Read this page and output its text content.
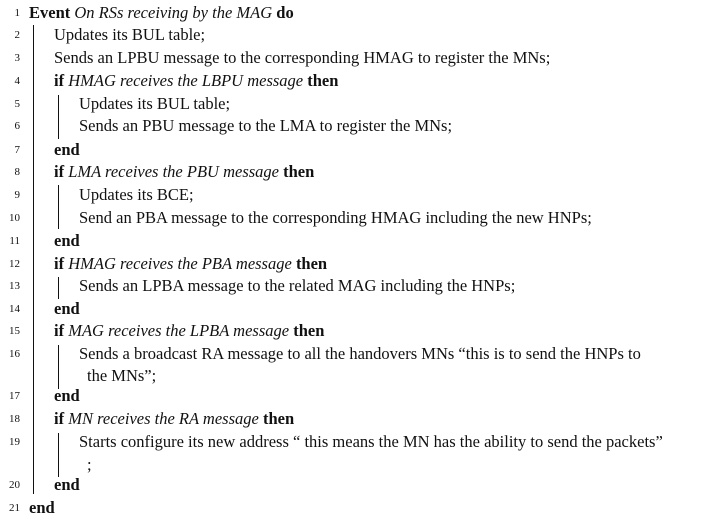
1 Event On RSs receiving by the MAG do
2 Updates its BUL table;
3 Sends an LPBU message to the corresponding HMAG to register the MNs;
4 if HMAG receives the LBPU message then
5	Updates its BUL table;
6	Sends an PBU message to the LMA to register the MNs;
7 end
8 if LMA receives the PBU message then
9	Updates its BCE;
10	Send an PBA message to the corresponding HMAG including the new HNPs;
11 end
12 if HMAG receives the PBA message then
13	Sends an LPBA message to the related MAG including the HNPs;
14 end
15 if MAG receives the LPBA message then
16	Sends a broadcast RA message to all the handovers MNs “this is to send the HNPs to
the MNs”;
17 end
18 if MN receives the RA message then
19	Starts configure its new address “ this means the MN has the ability to send the packets”
;
20 end
21 end
